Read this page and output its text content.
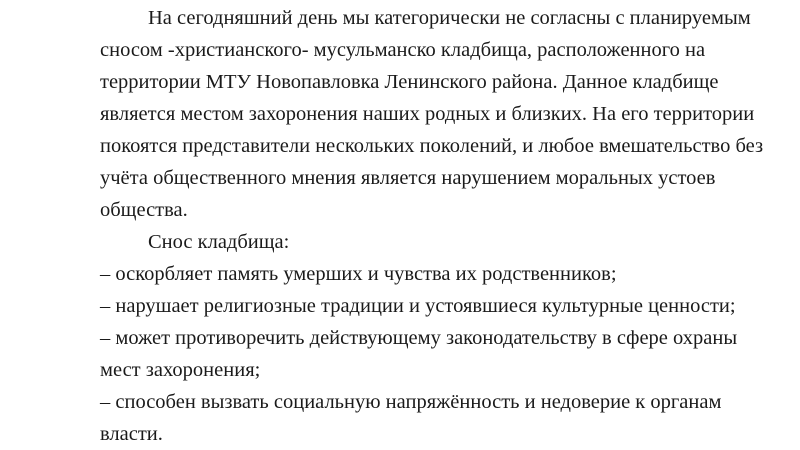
На сегодняшний день мы категорически не согласны с планируемым
сносом -христианского- мусульманско кладбища, расположенного на
территории МТУ Новопавловка Ленинского района. Данное кладбище
является местом захоронения наших родных и близких. На его территории
покоятся представители нескольких поколений, и любое вмешательство без
учёта общественного мнения является нарушением моральных устоев
общества.
Снос кладбища:
– оскорбляет память умерших и чувства их родственников;
– нарушает религиозные традиции и устоявшиеся культурные ценности;
– может противоречить действующему законодательству в сфере охраны
мест захоронения;
– способен вызвать социальную напряжённость и недоверие к органам
власти.
